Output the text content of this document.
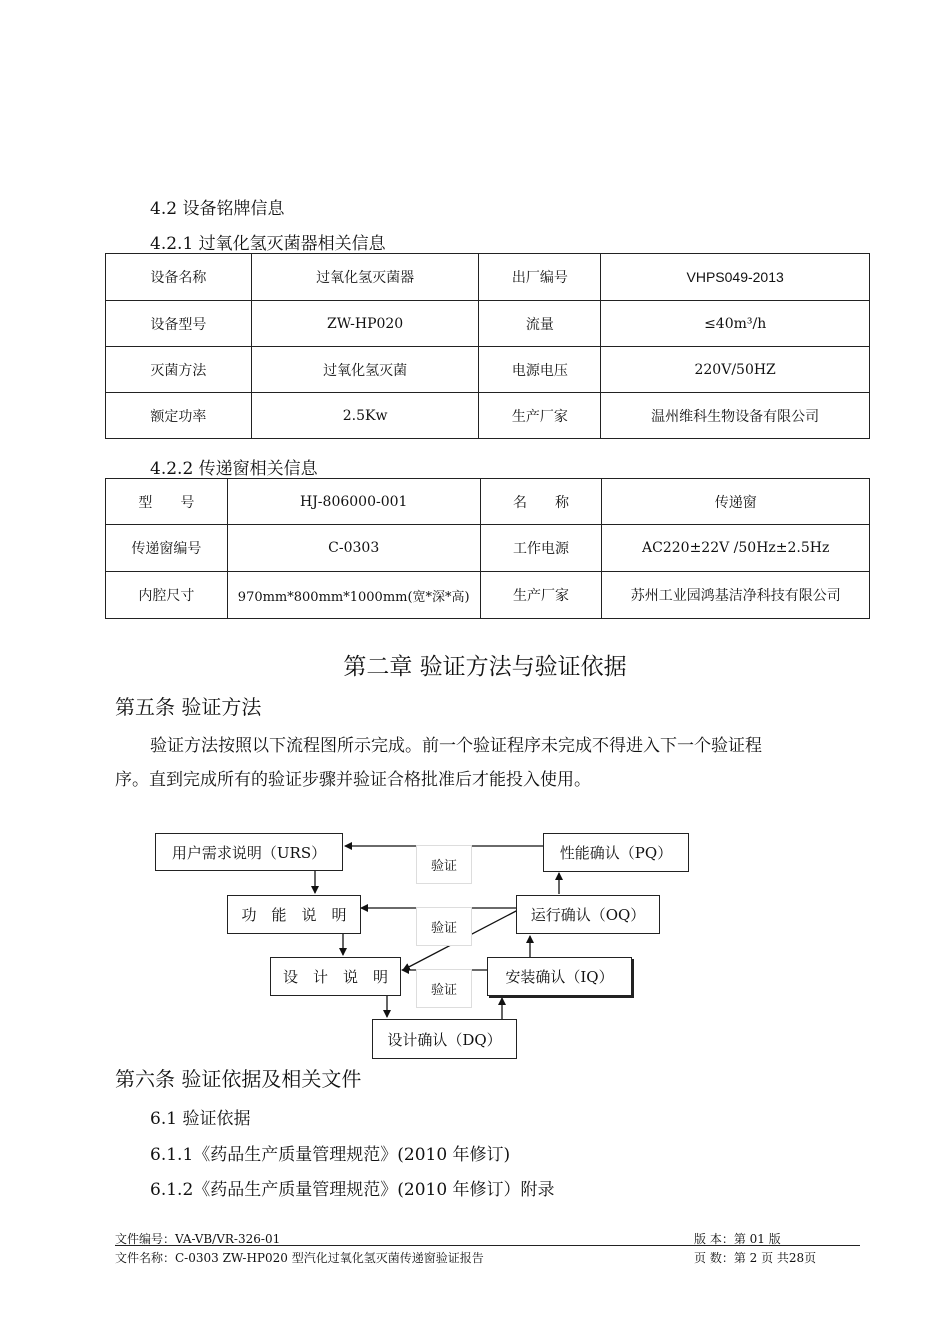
4.2 设备铭牌信息
4.2.1 过氧化氢灭菌器相关信息
设备名称	过氧化氢灭菌器	出厂编号	VHPS049-2013
设备型号	ZW-HP020	流量	≤40m³/h
灭菌方法	过氧化氢灭菌	电源电压	220V/50HZ
额定功率	2.5Kw	生产厂家	温州维科生物设备有限公司
4.2.2 传递窗相关信息
型　　号	HJ-806000-001	名　　称	传递窗
传递窗编号	C-0303	工作电源	AC220±22V /50Hz±2.5Hz
内腔尺寸	970mm*800mm*1000mm(宽*深*高)	生产厂家	苏州工业园鸿基洁净科技有限公司
第二章 验证方法与验证依据
第五条 验证方法
验证方法按照以下流程图所示完成。前一个验证程序未完成不得进入下一个验证程
序。直到完成所有的验证步骤并验证合格批准后才能投入使用。
验证
验证
验证
用户需求说明（URS）
功　能　说　明
设　计　说　明
设计确认（DQ）
性能确认（PQ）
运行确认（OQ）
安装确认（IQ）
第六条 验证依据及相关文件
6.1 验证依据
6.1.1《药品生产质量管理规范》(2010 年修订)
6.1.2《药品生产质量管理规范》(2010 年修订）附录
文件编号：VA-VB/VR-326-01	版 本：第 01 版
文件名称：C-0303 ZW-HP020 型汽化过氧化氢灭菌传递窗验证报告	页 数：第 2 页 共28页
